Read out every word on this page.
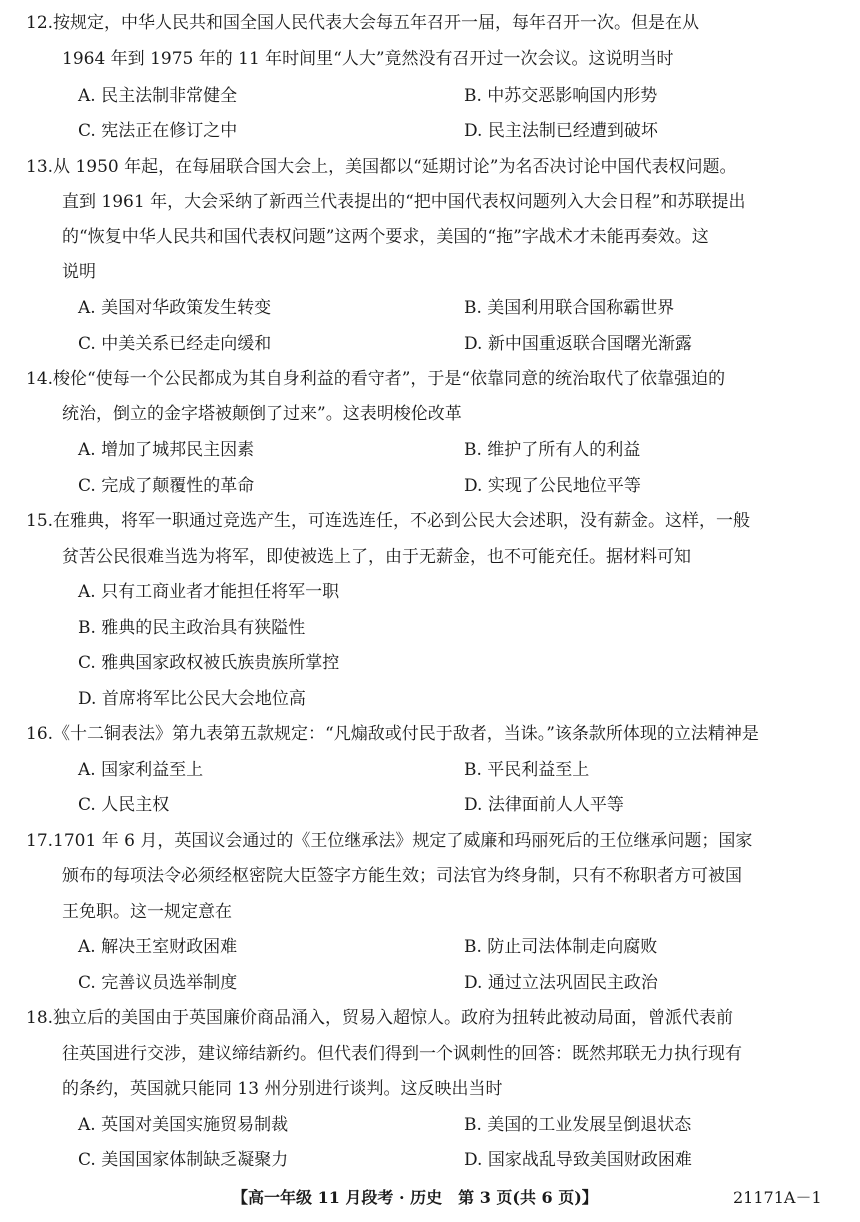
12.按规定，中华人民共和国全国人民代表大会每五年召开一届，每年召开一次。但是在从
1964 年到 1975 年的 11 年时间里“人大”竟然没有召开过一次会议。这说明当时
A. 民主法制非常健全	B. 中苏交恶影响国内形势
C. 宪法正在修订之中	D. 民主法制已经遭到破坏
13.从 1950 年起，在每届联合国大会上，美国都以“延期讨论”为名否决讨论中国代表权问题。
直到 1961 年，大会采纳了新西兰代表提出的“把中国代表权问题列入大会日程”和苏联提出
的“恢复中华人民共和国代表权问题”这两个要求，美国的“拖”字战术才未能再奏效。这
说明
A. 美国对华政策发生转变	B. 美国利用联合国称霸世界
C. 中美关系已经走向缓和	D. 新中国重返联合国曙光渐露
14.梭伦“使每一个公民都成为其自身利益的看守者”，于是“依靠同意的统治取代了依靠强迫的
统治，倒立的金字塔被颠倒了过来”。这表明梭伦改革
A. 增加了城邦民主因素	B. 维护了所有人的利益
C. 完成了颠覆性的革命	D. 实现了公民地位平等
15.在雅典，将军一职通过竞选产生，可连选连任，不必到公民大会述职，没有薪金。这样，一般
贫苦公民很难当选为将军，即使被选上了，由于无薪金，也不可能充任。据材料可知
A. 只有工商业者才能担任将军一职
B. 雅典的民主政治具有狭隘性
C. 雅典国家政权被氏族贵族所掌控
D. 首席将军比公民大会地位高
16.《十二铜表法》第九表第五款规定：“凡煽敌或付民于敌者，当诛。”该条款所体现的立法精神是
A. 国家利益至上	B. 平民利益至上
C. 人民主权	D. 法律面前人人平等
17.1701 年 6 月，英国议会通过的《王位继承法》规定了威廉和玛丽死后的王位继承问题；国家
颁布的每项法令必须经枢密院大臣签字方能生效；司法官为终身制，只有不称职者方可被国
王免职。这一规定意在
A. 解决王室财政困难	B. 防止司法体制走向腐败
C. 完善议员选举制度	D. 通过立法巩固民主政治
18.独立后的美国由于英国廉价商品涌入，贸易入超惊人。政府为扭转此被动局面，曾派代表前
往英国进行交涉，建议缔结新约。但代表们得到一个讽刺性的回答：既然邦联无力执行现有
的条约，英国就只能同 13 州分别进行谈判。这反映出当时
A. 英国对美国实施贸易制裁	B. 美国的工业发展呈倒退状态
C. 美国国家体制缺乏凝聚力	D. 国家战乱导致美国财政困难
【高一年级 11 月段考 · 历史　第 3 页(共 6 页)】	21171A－1
